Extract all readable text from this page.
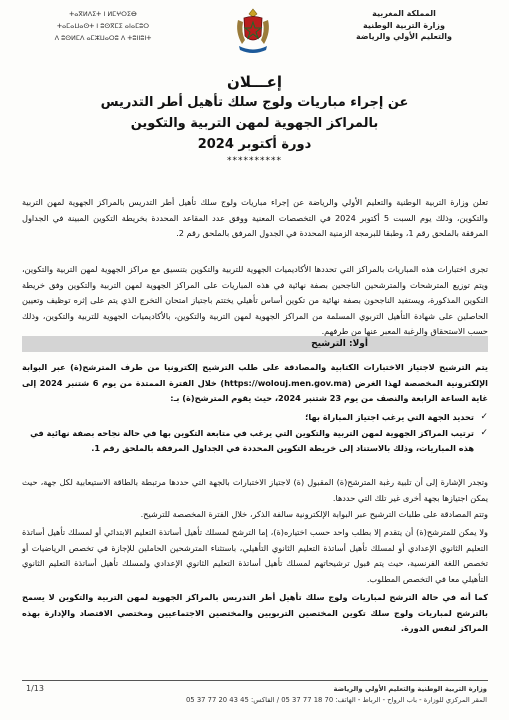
ⵜⴰⴳⵍⴷⵉⵜ ⵏ ⵍⵎⵖⵔⵉⴱ
ⵜⴰⵎⴰⵡⴰⵙⵜ ⵏ ⵓⵙⴳⵎⵉ ⴰⵏⴰⵎⵓⵔ
ⴷ ⵓⵙⵍⵎⴷ ⴰⵎⵣⵡⴰⵔⵓ ⴷ ⵜⵓⵏⵏⵓⵏⵜ
المملكة المغربية
وزارة التربية الوطنية
والتعليم الأولي والرياضة
إعـــلان
عن إجراء مباريات ولوج سلك تأهيل أطر التدريس
بالمراكز الجهوية لمهن التربية والتكوين
دورة أكتوبر 2024
**********

تعلن وزارة التربية الوطنية والتعليم الأولي والرياضة عن إجراء مباريات ولوج سلك تأهيل أطر التدريس بالمراكز الجهوية لمهن التربية والتكوين، وذلك يوم السبت 5 أكتوبر 2024 في التخصصات المعنية ووفق عدد المقاعد المحددة بخريطة التكوين المبينة في الجداول المرفقة بالملحق رقم 1، وطبقا للبرمجة الزمنية المحددة في الجدول المرفق بالملحق رقم 2.

تجرى اختبارات هذه المباريات بالمراكز التي تحددها الأكاديميات الجهوية للتربية والتكوين بتنسيق مع مراكز الجهوية لمهن التربية والتكوين، ويتم توزيع المترشحات والمترشحين الناجحين بصفة نهائية في هذه المباريات على المراكز الجهوية لمهن التربية والتكوين وفق خريطة التكوين المذكورة، ويستفيد الناجحون بصفة نهائية من تكوين أساس تأهيلي يختتم باجتياز امتحان التخرج الذي يتم على إثره توظيف وتعيين الحاصلين على شهادة التأهيل التربوي المسلمة من المراكز الجهوية لمهن التربية والتكوين، بالأكاديميات الجهوية للتربية والتكوين، وذلك حسب الاستحقاق والرغبة المعبر عنها من طرفهم.

أولا: الترشيح

يتم الترشيح لاجتياز الاختبارات الكتابية والمصادقة على طلب الترشيح إلكترونيا من طرف المترشح(ة) عبر البوابة الإلكترونية المخصصة لهذا الغرض (https://wolouj.men.gov.ma) خلال الفترة الممتدة من يوم 6 شتنبر 2024 إلى غاية الساعة الرابعة والنصف من يوم 23 شتنبر 2024، حيث يقوم المترشح(ة) بـ:

✓
تحديد الجهة التي يرغب اجتياز المباراة بها؛
✓
ترتيب المراكز الجهوية لمهن التربية والتكوين التي يرغب في متابعة التكوين بها في حالة نجاحه بصفة نهائية في هذه المباريات، وذلك بالاستناد إلى خريطة التكوين المحددة في الجداول المرفقة بالملحق رقم 1.

وتجدر الإشارة إلى أن تلبية رغبة المترشح(ة) المقبول (ة) لاجتياز الاختبارات بالجهة التي حددها مرتبطة بالطاقة الاستيعابية لكل جهة، حيث يمكن اجتيازها بجهة أخرى غير تلك التي حددها.

وتتم المصادقة على طلبات الترشيح عبر البوابة الإلكترونية سالفة الذكر، خلال الفترة المخصصة للترشيح.

ولا يمكن للمترشح(ة) أن يتقدم إلا بطلب واحد حسب اختياره(ة)، إما الترشح لمسلك تأهيل أساتذة التعليم الابتدائي أو لمسلك تأهيل أساتذة التعليم الثانوي الإعدادي أو لمسلك تأهيل أساتذة التعليم الثانوي التأهيلي، باستثناء المترشحين الحاملين للإجازة في تخصص الرياضيات أو تخصص اللغة الفرنسية، حيث يتم قبول ترشيحاتهم لمسلك تأهيل أساتذة التعليم الثانوي الإعدادي ولمسلك تأهيل أساتذة التعليم الثانوي التأهيلي معا في التخصص المطلوب.

كما أنه في حالة الترشح لمباريات ولوج سلك تأهيل أطر التدريس بالمراكز الجهوية لمهن التربية والتكوين لا يسمح بالترشح لمباريات ولوج سلك تكوين المختصين التربويين والمختصين الاجتماعيين ومختصي الاقتصاد والإدارة بهذه المراكز لنفس الدورة.

1/13	وزارة التربية الوطنية والتعليم الأولي والرياضة
المقر المركزي للوزارة - باب الرواح - الرباط - الهاتف: 70 18 77 37 05 / الفاكس: 45 43 20 77 37 05
